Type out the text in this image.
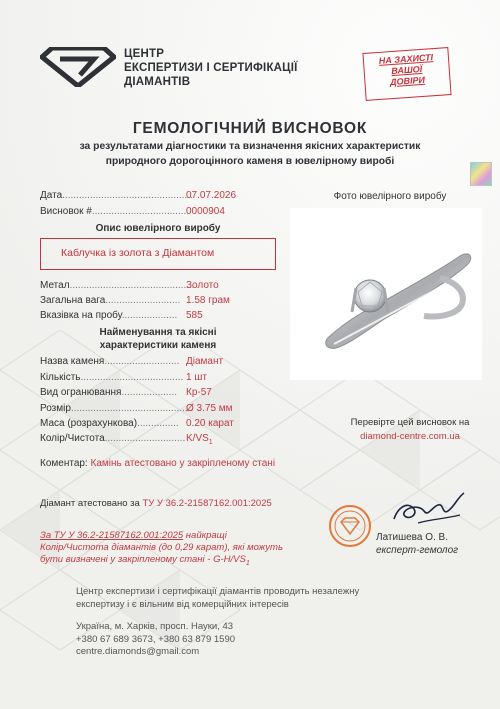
ЦЕНТР
ЕКСПЕРТИЗИ І СЕРТИФІКАЦІЇ
ДІАМАНТІВ
НА ЗАХИСТІ
ВАШОЇ
ДОВІРИ
ГЕМОЛОГІЧНИЙ ВИСНОВОК
за результатами діагностики та визначення якісних характеристик
природного дорогоцінного каменя в ювелірному виробі
Дата...............................................
07.07.2026
Висновок #.................................. 0000904
Опис ювелірного виробу
Каблучка із золота з Діамантом
Метал.............................................
Золото
Загальна вага........................... 1.58 грам
Вказівка на пробу.................... 585
Найменування та якісні
характеристики каменя
Назва каменя........................... Діамант
Кількість..................................... 1 шт
Вид огранювання.................... Кр-57
Розмір............................................
Ø 3.75 мм
Маса (розрахункова)............... 0.20 карат
Колір/Чистота............................. $K/VS_1$
Фото ювелірного виробу
Перевірте цей висновок на
diamond-centre.com.ua
Коментар: Камінь атестовано у закріпленому стані
Діамант атестовано за ТУ У 36.2-21587162.001:2025
За ТУ У 36.2-21587162.001:2025 найкращі
Колір/Чистота діамантів (до 0,29 карат), які можуть
бути визначені у закріпленому стані - $G-H/VS_1$
Латишева О. В.
експерт-гемолог
Центр експертизи і сертифікації діамантів проводить незалежну
експертизу і є вільним від комерційних інтересів
Україна, м. Харків, просп. Науки, 43
+380 67 689 3673, +380 63 879 1590
centre.diamonds@gmail.com
